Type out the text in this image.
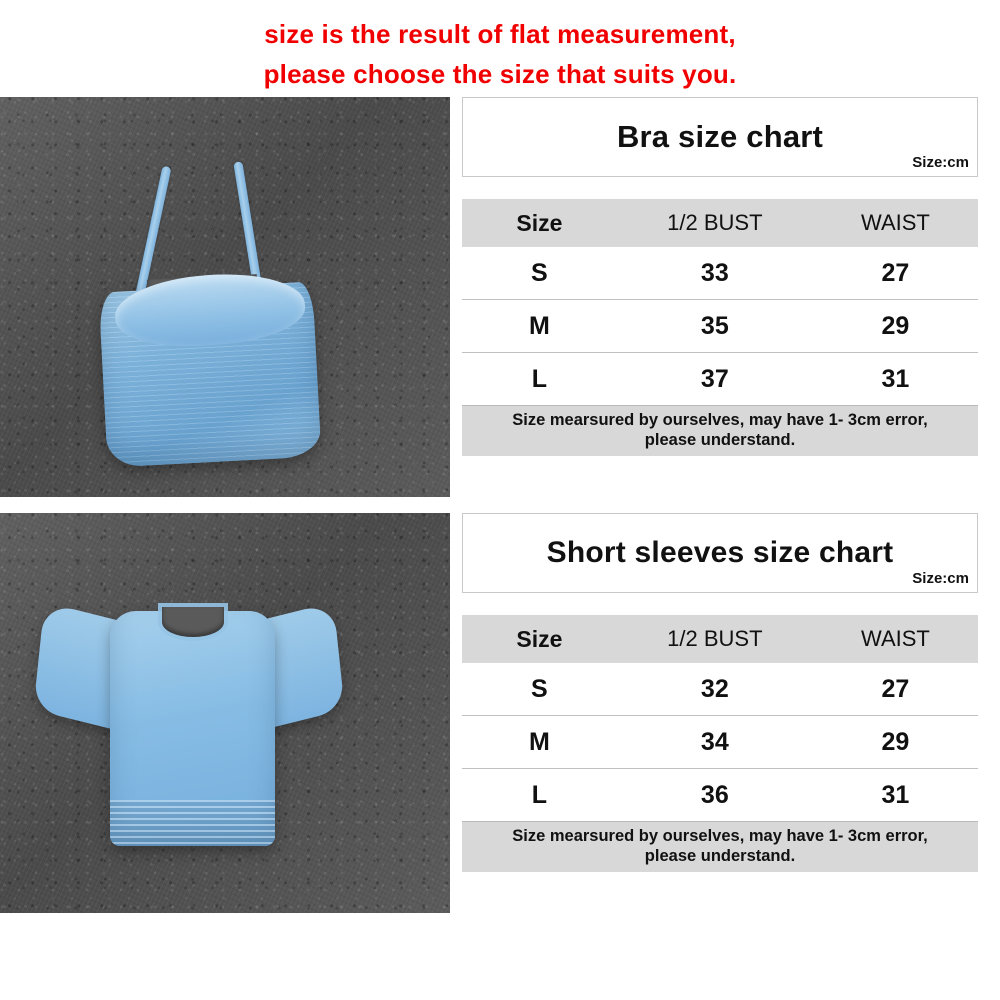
size is the result of flat measurement,
please choose the size that suits you.
Bra size chart
Size:cm
Size	1/2 BUST	WAIST
S	33	27
M	35	29
L	37	31
Size mearsured by ourselves, may have 1- 3cm error,
please understand.
Short sleeves size chart
Size:cm
Size	1/2 BUST	WAIST
S	32	27
M	34	29
L	36	31
Size mearsured by ourselves, may have 1- 3cm error,
please understand.
